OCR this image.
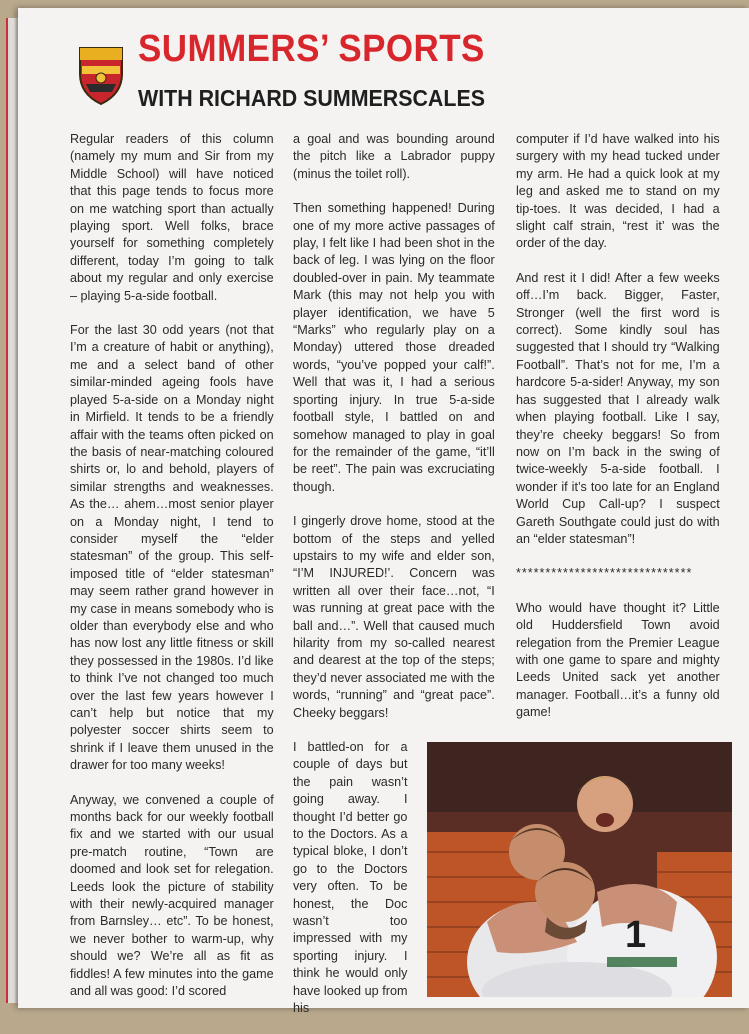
SUMMERS’ SPORTS
WITH RICHARD SUMMERSCALES

Regular readers of this column (namely my mum and Sir from my Middle School) will have noticed that this page tends to focus more on me watching sport than actually playing sport. Well folks, brace yourself for something completely different, today I’m going to talk about my regular and only exercise – playing 5-a-side football.

For the last 30 odd years (not that I’m a creature of habit or anything), me and a select band of other similar-minded ageing fools have played 5-a-side on a Monday night in Mirfield. It tends to be a friendly affair with the teams often picked on the basis of near-matching coloured shirts or, lo and behold, players of similar strengths and weaknesses. As the… ahem…most senior player on a Monday night, I tend to consider myself the “elder statesman” of the group. This self-imposed title of “elder statesman” may seem rather grand however in my case in means somebody who is older than everybody else and who has now lost any little fitness or skill they possessed in the 1980s. I’d like to think I’ve not changed too much over the last few years however I can’t help but notice that my polyester soccer shirts seem to shrink if I leave them unused in the drawer for too many weeks!

Anyway, we convened a couple of months back for our weekly football fix and we started with our usual pre-match routine, “Town are doomed and look set for relegation. Leeds look the picture of stability with their newly-acquired manager from Barnsley… etc”. To be honest, we never bother to warm-up, why should we? We’re all as fit as fiddles! A few minutes into the game and all was good: I’d scored

a goal and was bounding around the pitch like a Labrador puppy (minus the toilet roll).

Then something happened! During one of my more active passages of play, I felt like I had been shot in the back of leg. I was lying on the floor doubled-over in pain. My teammate Mark (this may not help you with player identification, we have 5 “Marks” who regularly play on a Monday) uttered those dreaded words, “you’ve popped your calf!”. Well that was it, I had a serious sporting injury. In true 5-a-side football style, I battled on and somehow managed to play in goal for the remainder of the game, “it’ll be reet”. The pain was excruciating though.

I gingerly drove home, stood at the bottom of the steps and yelled upstairs to my wife and elder son, “I’M INJURED!’. Concern was written all over their face…not, “I was running at great pace with the ball and…”. Well that caused much hilarity from my so-called nearest and dearest at the top of the steps; they’d never associated me with the words, “running” and “great pace”. Cheeky beggars!

I battled-on for a couple of days but the pain wasn’t going away. I thought I’d better go to the Doctors. As a typical bloke, I don’t go to the Doctors very often. To be honest, the Doc wasn’t too impressed with my sporting injury. I think he would only have looked up from his

computer if I’d have walked into his surgery with my head tucked under my arm. He had a quick look at my leg and asked me to stand on my tip-toes. It was decided, I had a slight calf strain, “rest it’ was the order of the day.

And rest it I did! After a few weeks off…I’m back. Bigger, Faster, Stronger (well the first word is correct). Some kindly soul has suggested that I should try “Walking Football”. That’s not for me, I’m a hardcore 5-a-sider! Anyway, my son has suggested that I already walk when playing football. Like I say, they’re cheeky beggars! So from now on I’m back in the swing of twice-weekly 5-a-side football. I wonder if it’s too late for an England World Cup Call-up? I suspect Gareth Southgate could just do with an “elder statesman”!

******************************

Who would have thought it? Little old Huddersfield Town avoid relegation from the Premier League with one game to spare and mighty Leeds United sack yet another manager. Football…it’s a funny old game!

1
